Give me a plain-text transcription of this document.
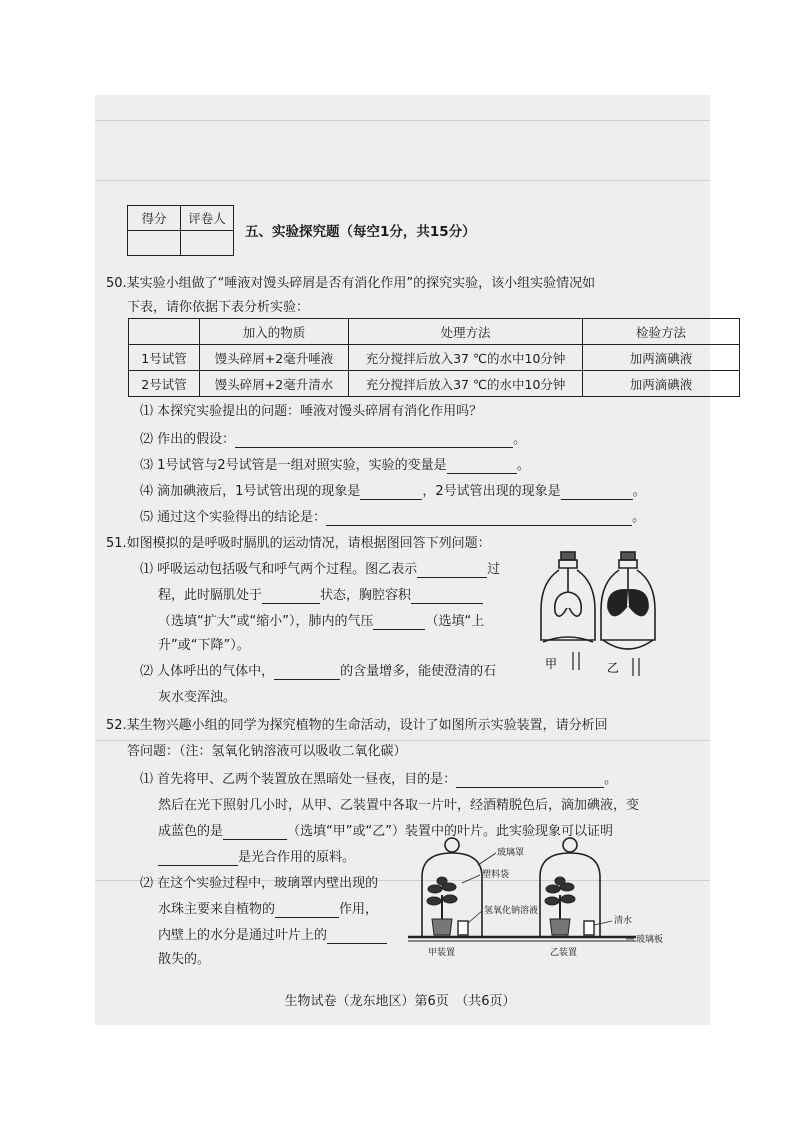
得分	评卷人

五、实验探究题（每空1分，共15分）
50.某实验小组做了“唾液对馒头碎屑是否有消化作用”的探究实验，该小组实验情况如
下表，请你依据下表分析实验：
	加入的物质	处理方法	检验方法
1号试管	馒头碎屑+2毫升唾液	充分搅拌后放入37 ℃的水中10分钟	加两滴碘液
2号试管	馒头碎屑+2毫升清水	充分搅拌后放入37 ℃的水中10分钟	加两滴碘液
⑴ 本探究实验提出的问题：唾液对馒头碎屑有消化作用吗？
⑵ 作出的假设：	。
⑶ 1号试管与2号试管是一组对照实验，实验的变量是	。
⑷ 滴加碘液后，1号试管出现的现象是	，2号试管出现的现象是	。
⑸ 通过这个实验得出的结论是：	。
51.如图模拟的是呼吸时膈肌的运动情况，请根据图回答下列问题：
⑴ 呼吸运动包括吸气和呼气两个过程。图乙表示	过
程，此时膈肌处于	状态，胸腔容积
（选填“扩大”或“缩小”），肺内的气压	（选填“上
升”或“下降”）。
⑵ 人体呼出的气体中，	的含量增多，能使澄清的石
灰水变浑浊。
甲	乙
52.某生物兴趣小组的同学为探究植物的生命活动，设计了如图所示实验装置，请分析回
答问题：（注：氢氧化钠溶液可以吸收二氧化碳）
⑴ 首先将甲、乙两个装置放在黑暗处一昼夜，目的是：	。
然后在光下照射几小时，从甲、乙装置中各取一片叶，经酒精脱色后，滴加碘液，变
成蓝色的是	（选填“甲”或“乙”）装置中的叶片。此实验现象可以证明
是光合作用的原料。
⑵ 在这个实验过程中，玻璃罩内壁出现的
水珠主要来自植物的	作用，
内壁上的水分是通过叶片上的
散失的。
玻璃罩
塑料袋
氢氧化钠溶液
清水
玻璃板
甲装置	乙装置
生物试卷（龙东地区）第6页　（共6页）
